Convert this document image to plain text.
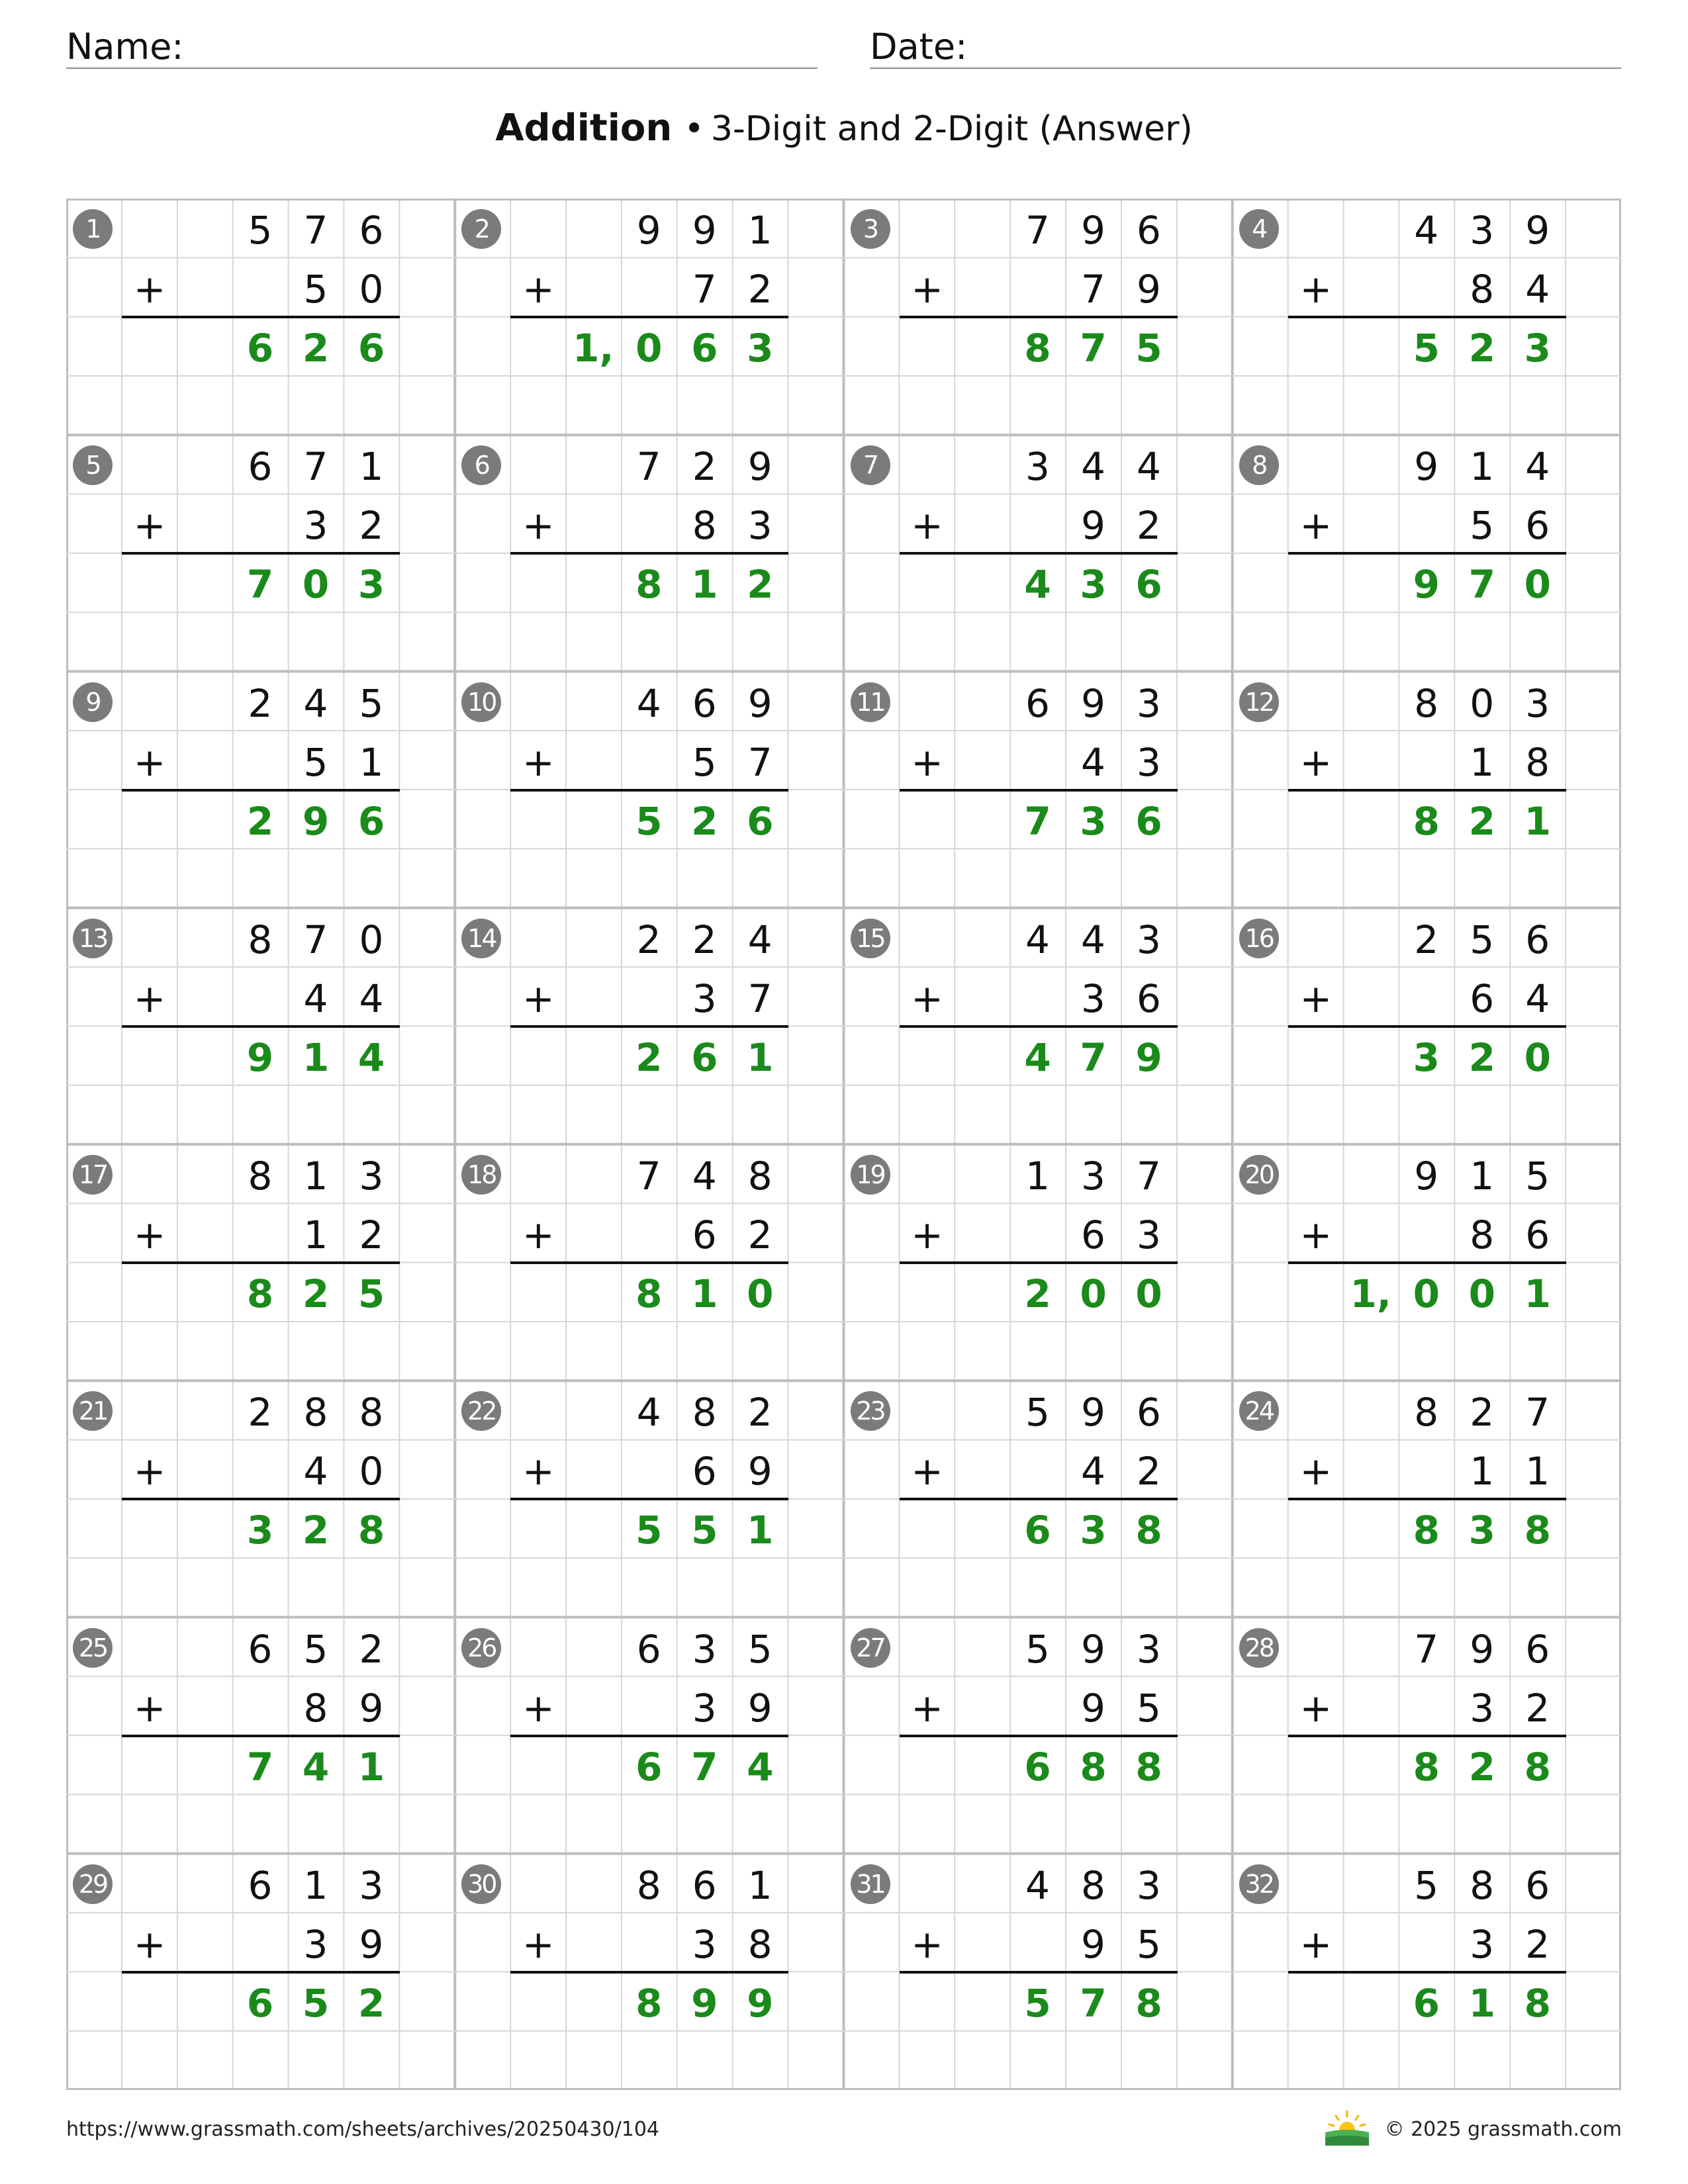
Name:	Date:
Addition • 3-Digit and 2-Digit (Answer)
1	5 7 6
+	5 0
6 2 6
2	9 9 1
+	7 2
1, 0 6 3
3	7 9 6
+	7 9
8 7 5
4	4 3 9
+	8 4
5 2 3
5	6 7 1
+	3 2
7 0 3
6	7 2 9
+	8 3
8 1 2
7	3 4 4
+	9 2
4 3 6
8	9 1 4
+	5 6
9 7 0
9	2 4 5
+	5 1
2 9 6
10	4 6 9
+	5 7
5 2 6
11	6 9 3
+	4 3
7 3 6
12	8 0 3
+	1 8
8 2 1
13	8 7 0
+	4 4
9 1 4
14	2 2 4
+	3 7
2 6 1
15	4 4 3
+	3 6
4 7 9
16	2 5 6
+	6 4
3 2 0
17	8 1 3
+	1 2
8 2 5
18	7 4 8
+	6 2
8 1 0
19	1 3 7
+	6 3
2 0 0
20	9 1 5
+	8 6
1, 0 0 1
21	2 8 8
+	4 0
3 2 8
22	4 8 2
+	6 9
5 5 1
23	5 9 6
+	4 2
6 3 8
24	8 2 7
+	1 1
8 3 8
25	6 5 2
+	8 9
7 4 1
26	6 3 5
+	3 9
6 7 4
27	5 9 3
+	9 5
6 8 8
28	7 9 6
+	3 2
8 2 8
29	6 1 3
+	3 9
6 5 2
30	8 6 1
+	3 8
8 9 9
31	4 8 3
+	9 5
5 7 8
32	5 8 6
+	3 2
6 1 8
https://www.grassmath.com/sheets/archives/20250430/104	© 2025 grassmath.com
